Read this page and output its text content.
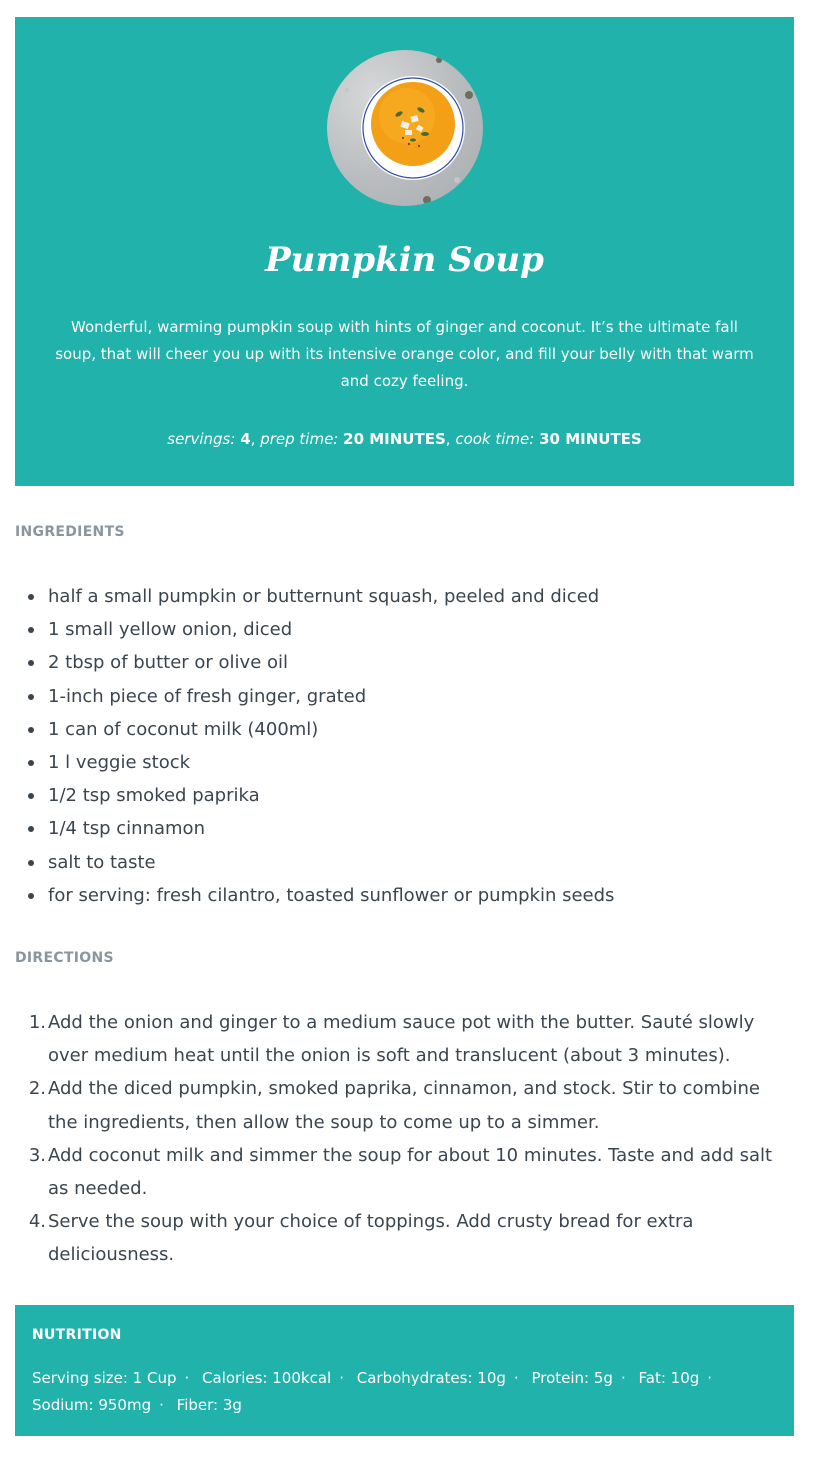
Pumpkin Soup

Wonderful, warming pumpkin soup with hints of ginger and coconut. It’s the ultimate fall soup, that will cheer you up with its intensive orange color, and fill your belly with that warm and cozy feeling.

servings: 4, prep time: 20 MINUTES, cook time: 30 MINUTES

INGREDIENTS
half a small pumpkin or butternunt squash, peeled and diced
1 small yellow onion, diced
2 tbsp of butter or olive oil
1-inch piece of fresh ginger, grated
1 can of coconut milk (400ml)
1 l veggie stock
1/2 tsp smoked paprika
1/4 tsp cinnamon
salt to taste
for serving: fresh cilantro, toasted sunflower or pumpkin seeds
DIRECTIONS
1. Add the onion and ginger to a medium sauce pot with the butter. Sauté slowly over medium heat until the onion is soft and translucent (about 3 minutes).
2. Add the diced pumpkin, smoked paprika, cinnamon, and stock. Stir to combine the ingredients, then allow the soup to come up to a simmer.
3. Add coconut milk and simmer the soup for about 10 minutes. Taste and add salt as needed.
4. Serve the soup with your choice of toppings. Add crusty bread for extra deliciousness.
NUTRITION

Serving size: 1 Cup · Calories: 100kcal · Carbohydrates: 10g · Protein: 5g · Fat: 10g · Sodium: 950mg · Fiber: 3g
